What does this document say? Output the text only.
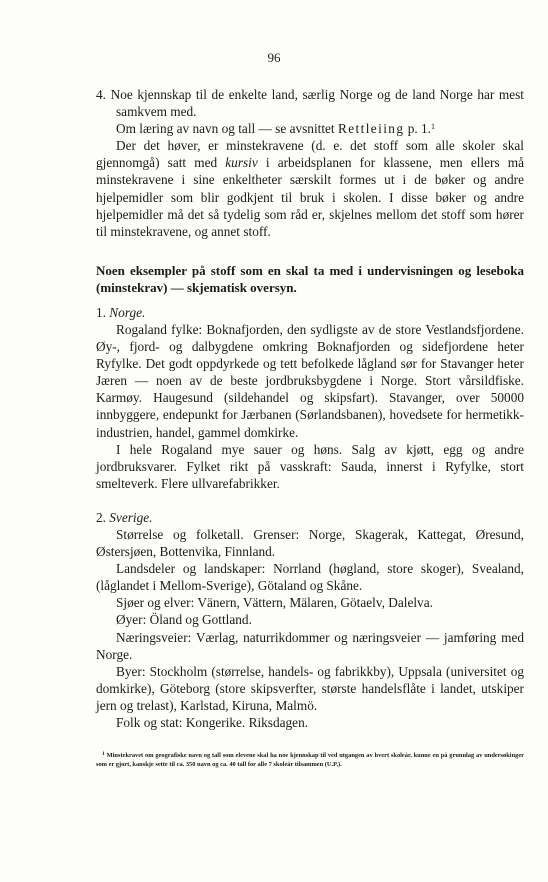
96

4. Noe kjennskap til de enkelte land, særlig Norge og de land Norge har mest samkvem med.

Om læring av navn og tall — se avsnittet Rettleiing p. 1.$^1$

Der det høver, er minstekravene (d. e. det stoff som alle skoler skal gjennomgå) satt med kursiv i arbeidsplanen for klassene, men ellers må minstekravene i sine enkeltheter særskilt formes ut i de bøker og andre hjelpemidler som blir godkjent til bruk i skolen. I disse bøker og andre hjelpemidler må det så tydelig som råd er, skjelnes mellom det stoff som hører til minstekravene, og annet stoff.

Noen eksempler på stoff som en skal ta med i undervisningen og leseboka (minstekrav) — skjematisk oversyn.

1. Norge.

Rogaland fylke: Boknafjorden, den sydligste av de store Vestlandsfjordene. Øy-, fjord- og dalbygdene omkring Boknafjorden og sidefjordene heter Ryfylke. Det godt oppdyrkede og tett befolkede lågland sør for Stavanger heter Jæren — noen av de beste jordbruksbygdene i Norge. Stort vårsildfiske. Karmøy. Haugesund (sildehandel og skipsfart). Stavanger, over 50000 innbyggere, endepunkt for Jærbanen (Sørlandsbanen), hovedsete for hermetikk-industrien, handel, gammel domkirke.

I hele Rogaland mye sauer og høns. Salg av kjøtt, egg og andre jordbruksvarer. Fylket rikt på vasskraft: Sauda, innerst i Ryfylke, stort smelteverk. Flere ullvarefabrikker.

2. Sverige.

Størrelse og folketall. Grenser: Norge, Skagerak, Kattegat, Øresund, Østersjøen, Bottenvika, Finnland.

Landsdeler og landskaper: Norrland (høgland, store skoger), Svealand, (låglandet i Mellom-Sverige), Götaland og Skåne.

Sjøer og elver: Vänern, Vättern, Mälaren, Götaelv, Dalelva.

Øyer: Öland og Gottland.

Næringsveier: Værlag, naturrikdommer og næringsveier — jamføring med Norge.

Byer: Stockholm (størrelse, handels- og fabrikkby), Uppsala (universitet og domkirke), Göteborg (store skipsverfter, største handelsflåte i landet, utskiper jern og trelast), Karlstad, Kiruna, Malmö.

Folk og stat: Kongerike. Riksdagen.

$^1$ Minstekravet om geografiske navn og tall som elevene skal ha noe kjennskap til ved utgangen av hvert skoleår, kunne en på grunnlag av undersøkinger som er gjort, kanskje sette til ca. 350 navn og ca. 40 tall for alle 7 skoleår tilsammen (U.P.).
